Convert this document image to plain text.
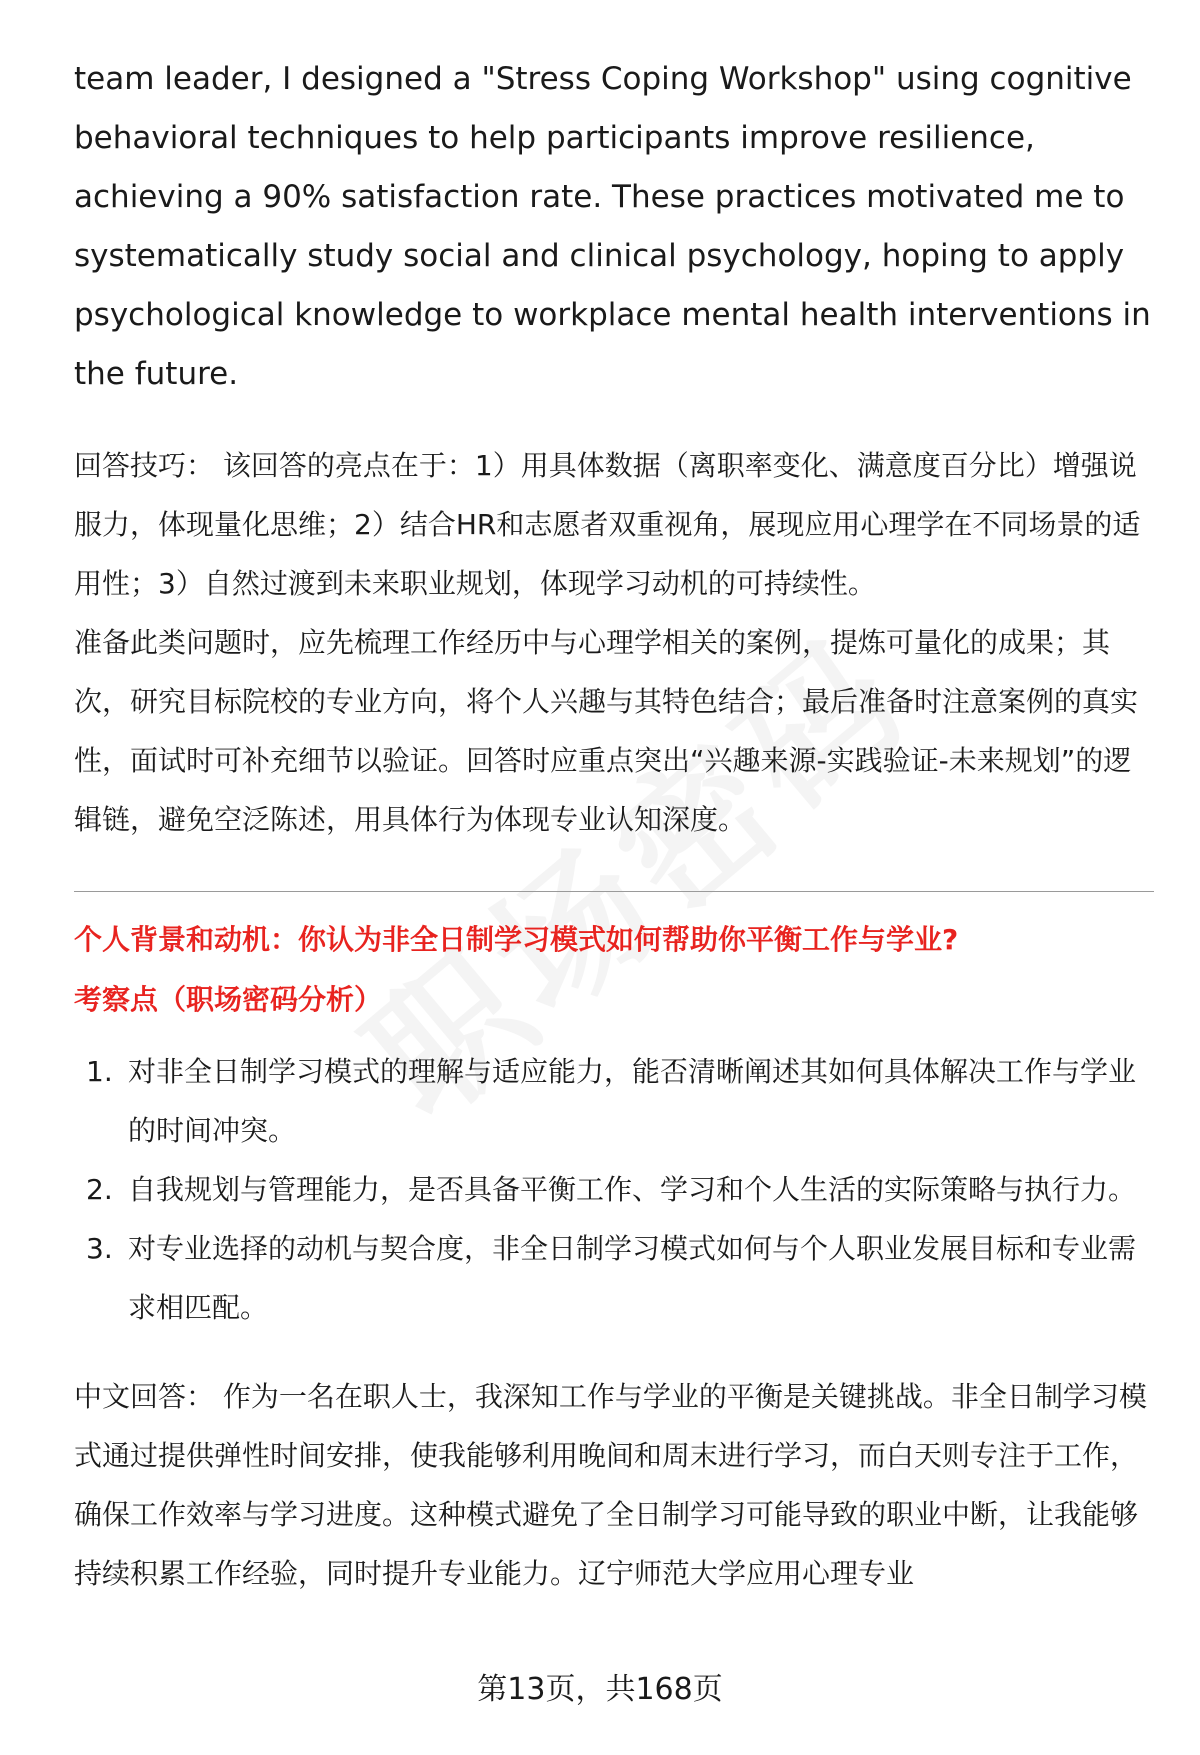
team leader, I designed a "Stress Coping Workshop" using cognitive behavioral techniques to help participants improve resilience, achieving a 90% satisfaction rate. These practices motivated me to systematically study social and clinical psychology, hoping to apply psychological knowledge to workplace mental health interventions in the future.

回答技巧： 该回答的亮点在于：1）用具体数据（离职率变化、满意度百分比）增强说服力，体现量化思维；2）结合HR和志愿者双重视角，展现应用心理学在不同场景的适用性；3）自然过渡到未来职业规划，体现学习动机的可持续性。

准备此类问题时，应先梳理工作经历中与心理学相关的案例，提炼可量化的成果；其次，研究目标院校的专业方向，将个人兴趣与其特色结合；最后准备时注意案例的真实性，面试时可补充细节以验证。回答时应重点突出“兴趣来源-实践验证-未来规划”的逻辑链，避免空泛陈述，用具体行为体现专业认知深度。

个人背景和动机：你认为非全日制学习模式如何帮助你平衡工作与学业?

考察点（职场密码分析）

1. 对非全日制学习模式的理解与适应能力，能否清晰阐述其如何具体解决工作与学业的时间冲突。
2. 自我规划与管理能力，是否具备平衡工作、学习和个人生活的实际策略与执行力。
3. 对专业选择的动机与契合度，非全日制学习模式如何与个人职业发展目标和专业需求相匹配。

中文回答： 作为一名在职人士，我深知工作与学业的平衡是关键挑战。非全日制学习模式通过提供弹性时间安排，使我能够利用晚间和周末进行学习，而白天则专注于工作，确保工作效率与学习进度。这种模式避免了全日制学习可能导致的职业中断，让我能够持续积累工作经验，同时提升专业能力。辽宁师范大学应用心理专业

第13页，共168页
